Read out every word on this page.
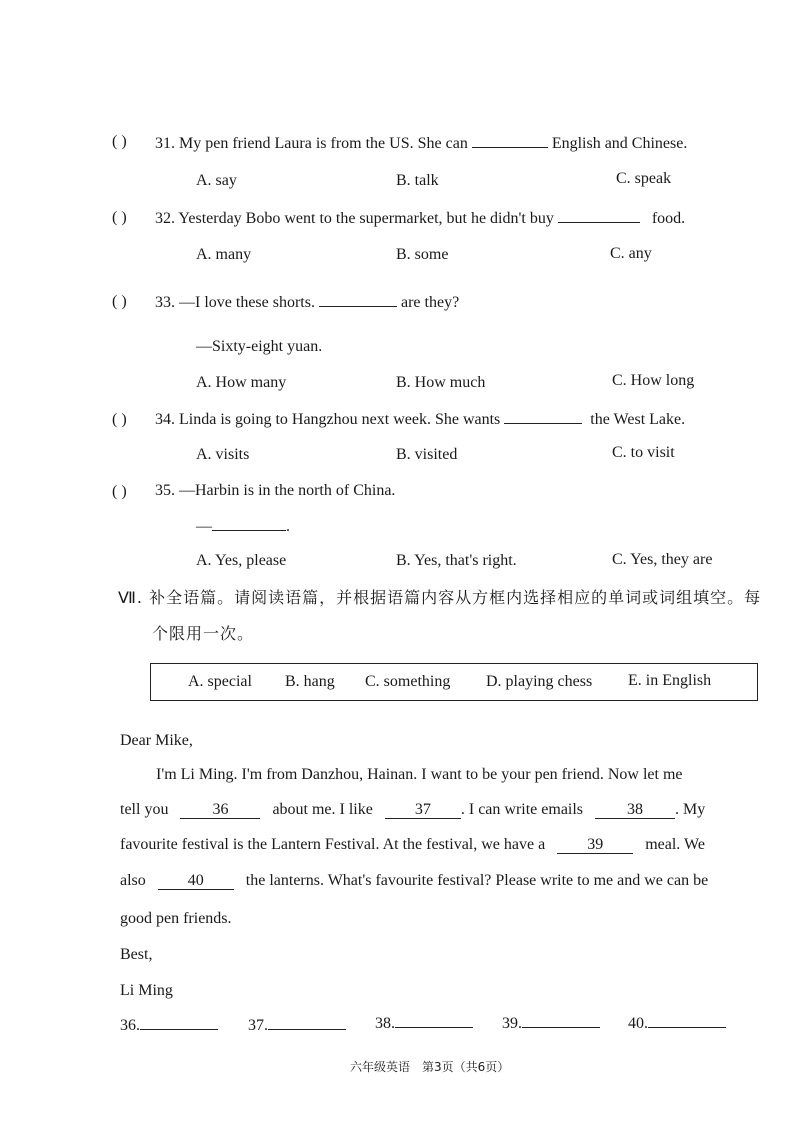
( ) 31. My pen friend Laura is from the US. She can	English and Chinese.
A. say	B. talk	C. speak
( ) 32. Yesterday Bobo went to the supermarket, but he didn't buy	food.
A. many	B. some	C. any
( ) 33. —I love these shorts.	are they?
—Sixty-eight yuan.
A. How many	B. How much	C. How long
( ) 34. Linda is going to Hangzhou next week. She wants	the West Lake.
A. visits	B. visited	C. to visit
( ) 35. —Harbin is in the north of China.
—	.
A. Yes, please	B. Yes, that's right.	C. Yes, they are
Ⅶ. 补全语篇。请阅读语篇，并根据语篇内容从方框内选择相应的单词或词组填空。每
个限用一次。
A. special B. hang C. something D. playing chess E. in English
Dear Mike,
I'm Li Ming. I'm from Danzhou, Hainan. I want to be your pen friend. Now let me
tell you	36	about me. I like	37 . I can write emails	38 . My
favourite festival is the Lantern Festival. At the festival, we have a	39	meal. We
also	40	the lanterns. What's favourite festival? Please write to me and we can be
good pen friends.
Best,
Li Ming
36.	37.	38.	39.	40.
六年级英语　第3页（共6页）
